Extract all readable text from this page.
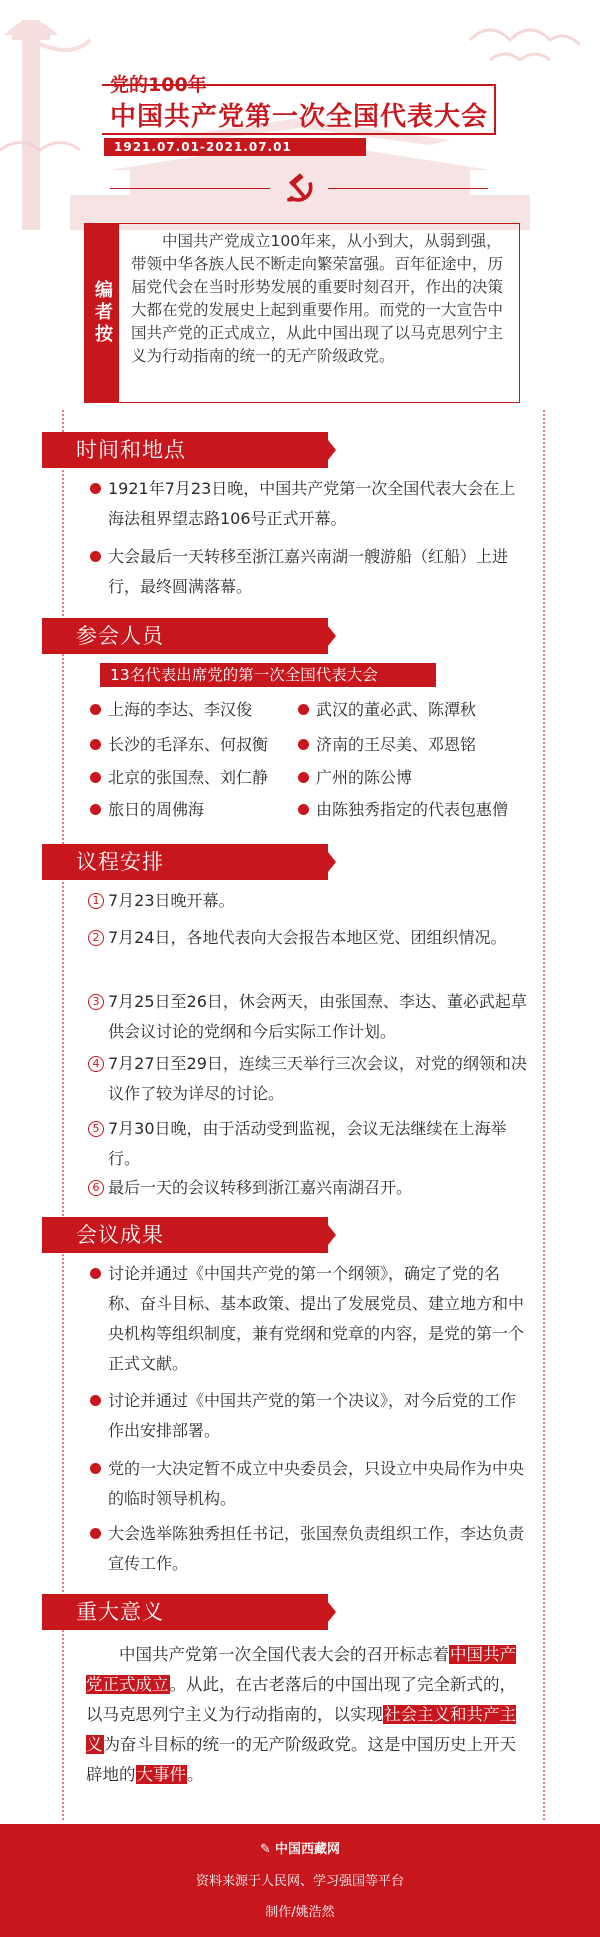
党的100年
中国共产党第一次全国代表大会
1921.07.01-2021.07.01
编者按
中国共产党成立100年来，从小到大，从弱到强，带领中华各族人民不断走向繁荣富强。百年征途中，历届党代会在当时形势发展的重要时刻召开，作出的决策大都在党的发展史上起到重要作用。而党的一大宣告中国共产党的正式成立，从此中国出现了以马克思列宁主义为行动指南的统一的无产阶级政党。
时间和地点
1921年7月23日晚，中国共产党第一次全国代表大会在上海法租界望志路106号正式开幕。
大会最后一天转移至浙江嘉兴南湖一艘游船（红船）上进行，最终圆满落幕。
参会人员
13名代表出席党的第一次全国代表大会
上海的李达、李汉俊
长沙的毛泽东、何叔衡
北京的张国焘、刘仁静
旅日的周佛海
武汉的董必武、陈潭秋
济南的王尽美、邓恩铭
广州的陈公博
由陈独秀指定的代表包惠僧
议程安排
1 7月23日晚开幕。
2 7月24日，各地代表向大会报告本地区党、团组织情况。
3 7月25日至26日，休会两天，由张国焘、李达、董必武起草供会议讨论的党纲和今后实际工作计划。
4 7月27日至29日，连续三天举行三次会议，对党的纲领和决议作了较为详尽的讨论。
5 7月30日晚，由于活动受到监视，会议无法继续在上海举行。
6 最后一天的会议转移到浙江嘉兴南湖召开。
会议成果
讨论并通过《中国共产党的第一个纲领》，确定了党的名称、奋斗目标、基本政策、提出了发展党员、建立地方和中央机构等组织制度，兼有党纲和党章的内容，是党的第一个正式文献。
讨论并通过《中国共产党的第一个决议》，对今后党的工作作出安排部署。
党的一大决定暂不成立中央委员会，只设立中央局作为中央的临时领导机构。
大会选举陈独秀担任书记，张国焘负责组织工作，李达负责宣传工作。
重大意义
中国共产党第一次全国代表大会的召开标志着中国共产党正式成立。从此，在古老落后的中国出现了完全新式的，以马克思列宁主义为行动指南的，以实现社会主义和共产主义为奋斗目标的统一的无产阶级政党。这是中国历史上开天辟地的大事件。
✎ 中国西藏网
资料来源于人民网、学习强国等平台
制作/姚浩然
